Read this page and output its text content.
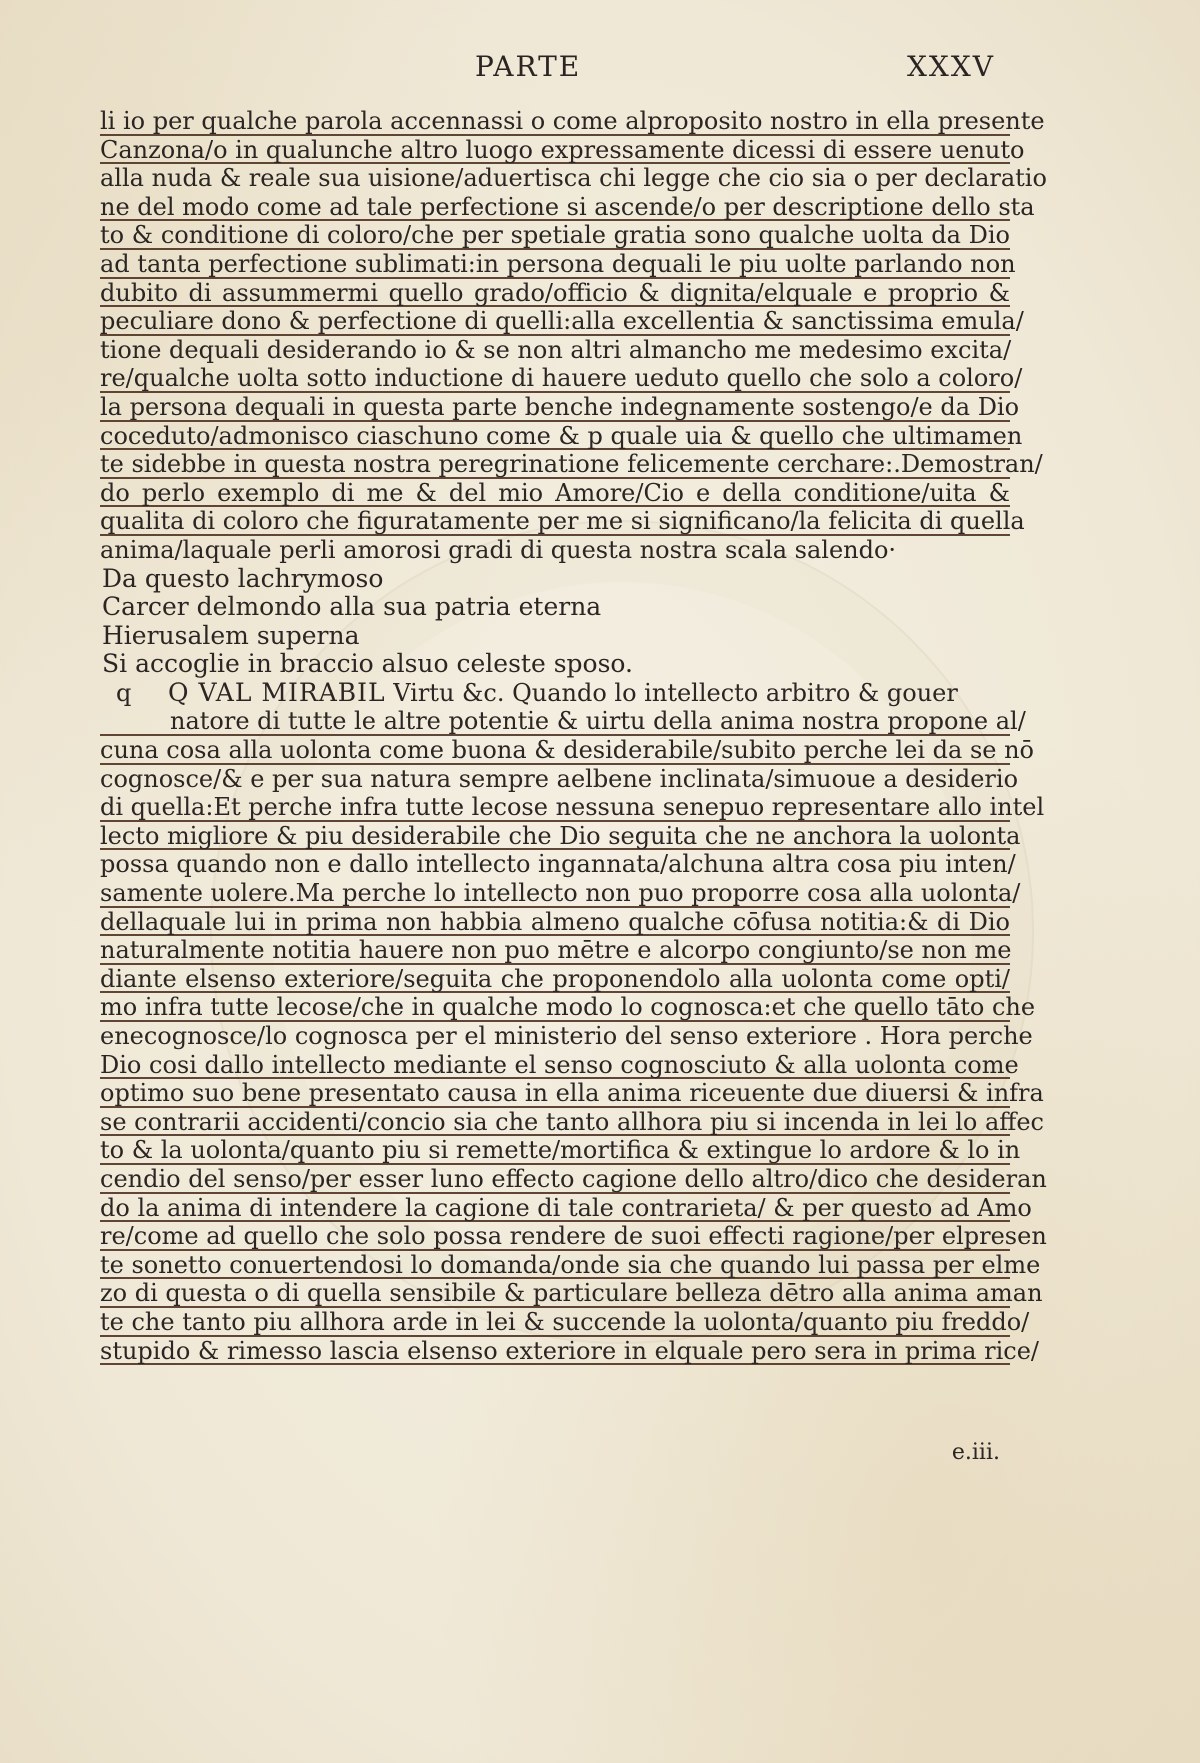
PARTE	XXXV
li io per qualche parola accennassi o come alproposito nostro in ella presente
Canzona/o in qualunche altro luogo expressamente dicessi di essere uenuto
alla nuda & reale sua uisione/aduertisca chi legge che cio sia o per declaratio
ne del modo come ad tale perfectione si ascende/o per descriptione dello sta
to & conditione di coloro/che per spetiale gratia sono qualche uolta da Dio
ad tanta perfectione sublimati:in persona dequali le piu uolte parlando non
dubito di assummermi quello grado/officio & dignita/elquale e proprio &
peculiare dono & perfectione di quelli:alla excellentia & sanctissima emula/
tione dequali desiderando io & se non altri almancho me medesimo excita/
re/qualche uolta sotto inductione di hauere ueduto quello che solo a coloro/
la persona dequali in questa parte benche indegnamente sostengo/e da Dio
coceduto/admonisco ciaschuno come & p quale uia & quello che ultimamen
te sidebbe in questa nostra peregrinatione felicemente cerchare:.Demostran/
do perlo exemplo di me & del mio Amore/Cio e della conditione/uita &
qualita di coloro che figuratamente per me si significano/la felicita di quella
anima/laquale perli amorosi gradi di questa nostra scala salendo·
Da questo lachrymoso
Carcer delmondo alla sua patria eterna
Hierusalem superna
Si accoglie in braccio alsuo celeste sposo.
q Q VAL MIRABIL Virtu &c. Quando lo intellecto arbitro & gouer
natore di tutte le altre potentie & uirtu della anima nostra propone al/
cuna cosa alla uolonta come buona & desiderabile/subito perche lei da se nō
cognosce/& e per sua natura sempre aelbene inclinata/simuoue a desiderio
di quella:Et perche infra tutte lecose nessuna senepuo representare allo intel
lecto migliore & piu desiderabile che Dio seguita che ne anchora la uolonta
possa quando non e dallo intellecto ingannata/alchuna altra cosa piu inten/
samente uolere.Ma perche lo intellecto non puo proporre cosa alla uolonta/
dellaquale lui in prima non habbia almeno qualche cōfusa notitia:& di Dio
naturalmente notitia hauere non puo mētre e alcorpo congiunto/se non me
diante elsenso exteriore/seguita che proponendolo alla uolonta come opti/
mo infra tutte lecose/che in qualche modo lo cognosca:et che quello tāto che
enecognosce/lo cognosca per el ministerio del senso exteriore . Hora perche
Dio cosi dallo intellecto mediante el senso cognosciuto & alla uolonta come
optimo suo bene presentato causa in ella anima riceuente due diuersi & infra
se contrarii accidenti/concio sia che tanto allhora piu si incenda in lei lo affec
to & la uolonta/quanto piu si remette/mortifica & extingue lo ardore & lo in
cendio del senso/per esser luno effecto cagione dello altro/dico che desideran
do la anima di intendere la cagione di tale contrarieta/ & per questo ad Amo
re/come ad quello che solo possa rendere de suoi effecti ragione/per elpresen
te sonetto conuertendosi lo domanda/onde sia che quando lui passa per elme
zo di questa o di quella sensibile & particulare belleza dētro alla anima aman
te che tanto piu allhora arde in lei & succende la uolonta/quanto piu freddo/
stupido & rimesso lascia elsenso exteriore in elquale pero sera in prima rice/
e.iii.
